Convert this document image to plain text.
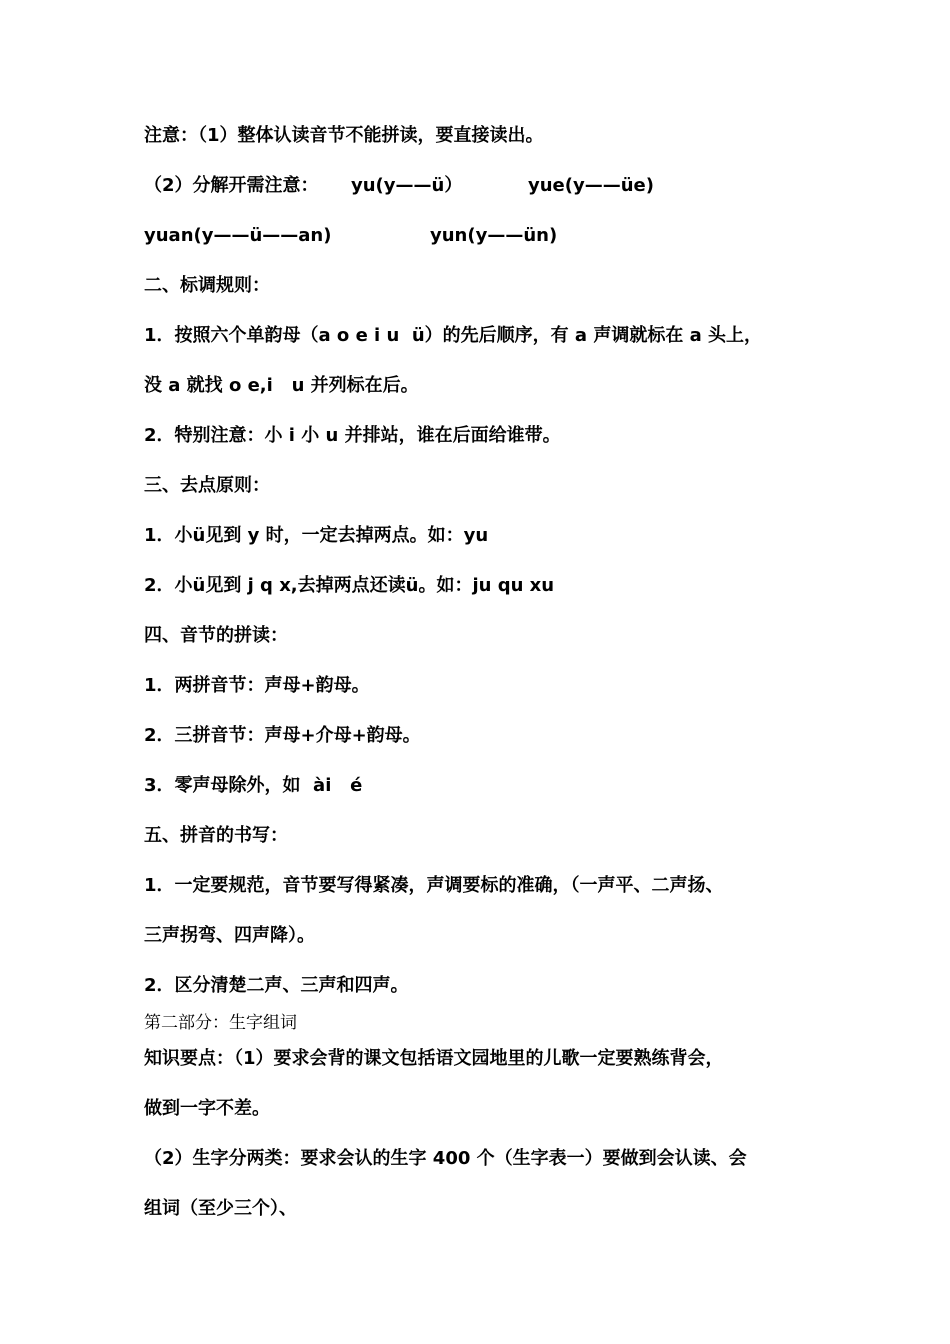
注意：（1）整体认读音节不能拼读，要直接读出。
（2）分解开需注意： yu(y——ü）	yue(y——üe)
yuan(y——ü——an)	yun(y——ün)
二、标调规则：
1．按照六个单韵母（a o e i u  ü）的先后顺序，有 a 声调就标在 a 头上，
没 a 就找 o e,i   u 并列标在后。
2．特别注意：小 i 小 u 并排站，谁在后面给谁带。
三、去点原则：
1．小ü见到 y 时，一定去掉两点。如：yu
2．小ü见到 j q x,去掉两点还读ü。如：ju qu xu
四、音节的拼读：
1．两拼音节：声母+韵母。
2．三拼音节：声母+介母+韵母。
3．零声母除外，如  ài   é
五、拼音的书写：
1．一定要规范，音节要写得紧凑，声调要标的准确，（一声平、二声扬、
三声拐弯、四声降）。
2．区分清楚二声、三声和四声。
第二部分：生字组词
知识要点：（1）要求会背的课文包括语文园地里的儿歌一定要熟练背会，
做到一字不差。
（2）生字分两类：要求会认的生字 400 个（生字表一）要做到会认读、会
组词（至少三个）、
